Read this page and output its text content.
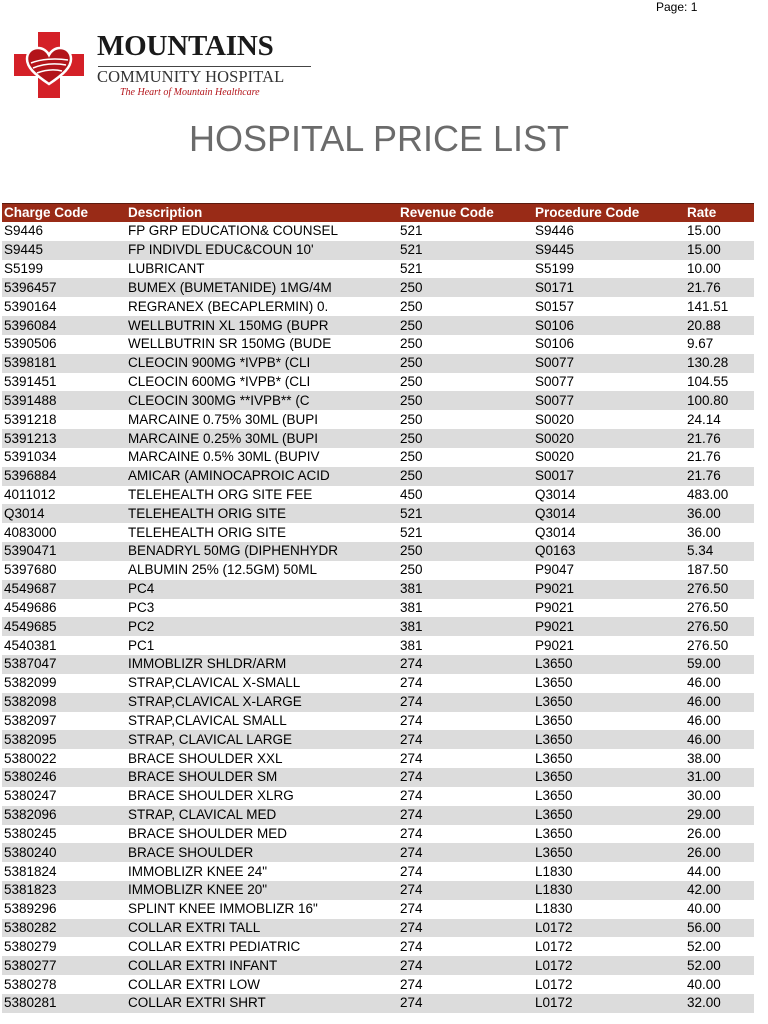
Page: 1
MOUNTAINS
COMMUNITY HOSPITAL
The Heart of Mountain Healthcare
HOSPITAL PRICE LIST
Charge Code	Description	Revenue Code	Procedure Code	Rate
S9446	FP GRP EDUCATION& COUNSEL	521	S9446	15.00
S9445	FP INDIVDL EDUC&COUN 10'	521	S9445	15.00
S5199	LUBRICANT	521	S5199	10.00
5396457	BUMEX (BUMETANIDE) 1MG/4M	250	S0171	21.76
5390164	REGRANEX (BECAPLERMIN) 0.	250	S0157	141.51
5396084	WELLBUTRIN XL 150MG (BUPR	250	S0106	20.88
5390506	WELLBUTRIN SR 150MG (BUDE	250	S0106	9.67
5398181	CLEOCIN 900MG *IVPB* (CLI	250	S0077	130.28
5391451	CLEOCIN 600MG *IVPB* (CLI	250	S0077	104.55
5391488	CLEOCIN 300MG **IVPB** (C	250	S0077	100.80
5391218	MARCAINE 0.75% 30ML (BUPI	250	S0020	24.14
5391213	MARCAINE 0.25% 30ML (BUPI	250	S0020	21.76
5391034	MARCAINE 0.5% 30ML (BUPIV	250	S0020	21.76
5396884	AMICAR (AMINOCAPROIC ACID	250	S0017	21.76
4011012	TELEHEALTH ORG SITE FEE	450	Q3014	483.00
Q3014	TELEHEALTH ORIG SITE	521	Q3014	36.00
4083000	TELEHEALTH ORIG SITE	521	Q3014	36.00
5390471	BENADRYL 50MG (DIPHENHYDR	250	Q0163	5.34
5397680	ALBUMIN 25% (12.5GM) 50ML	250	P9047	187.50
4549687	PC4	381	P9021	276.50
4549686	PC3	381	P9021	276.50
4549685	PC2	381	P9021	276.50
4540381	PC1	381	P9021	276.50
5387047	IMMOBLIZR SHLDR/ARM	274	L3650	59.00
5382099	STRAP,CLAVICAL X-SMALL	274	L3650	46.00
5382098	STRAP,CLAVICAL X-LARGE	274	L3650	46.00
5382097	STRAP,CLAVICAL SMALL	274	L3650	46.00
5382095	STRAP, CLAVICAL LARGE	274	L3650	46.00
5380022	BRACE SHOULDER XXL	274	L3650	38.00
5380246	BRACE SHOULDER SM	274	L3650	31.00
5380247	BRACE SHOULDER XLRG	274	L3650	30.00
5382096	STRAP, CLAVICAL MED	274	L3650	29.00
5380245	BRACE SHOULDER MED	274	L3650	26.00
5380240	BRACE SHOULDER	274	L3650	26.00
5381824	IMMOBLIZR KNEE 24"	274	L1830	44.00
5381823	IMMOBLIZR KNEE 20"	274	L1830	42.00
5389296	SPLINT KNEE IMMOBLIZR 16"	274	L1830	40.00
5380282	COLLAR EXTRI TALL	274	L0172	56.00
5380279	COLLAR EXTRI PEDIATRIC	274	L0172	52.00
5380277	COLLAR EXTRI INFANT	274	L0172	52.00
5380278	COLLAR EXTRI LOW	274	L0172	40.00
5380281	COLLAR EXTRI SHRT	274	L0172	32.00
